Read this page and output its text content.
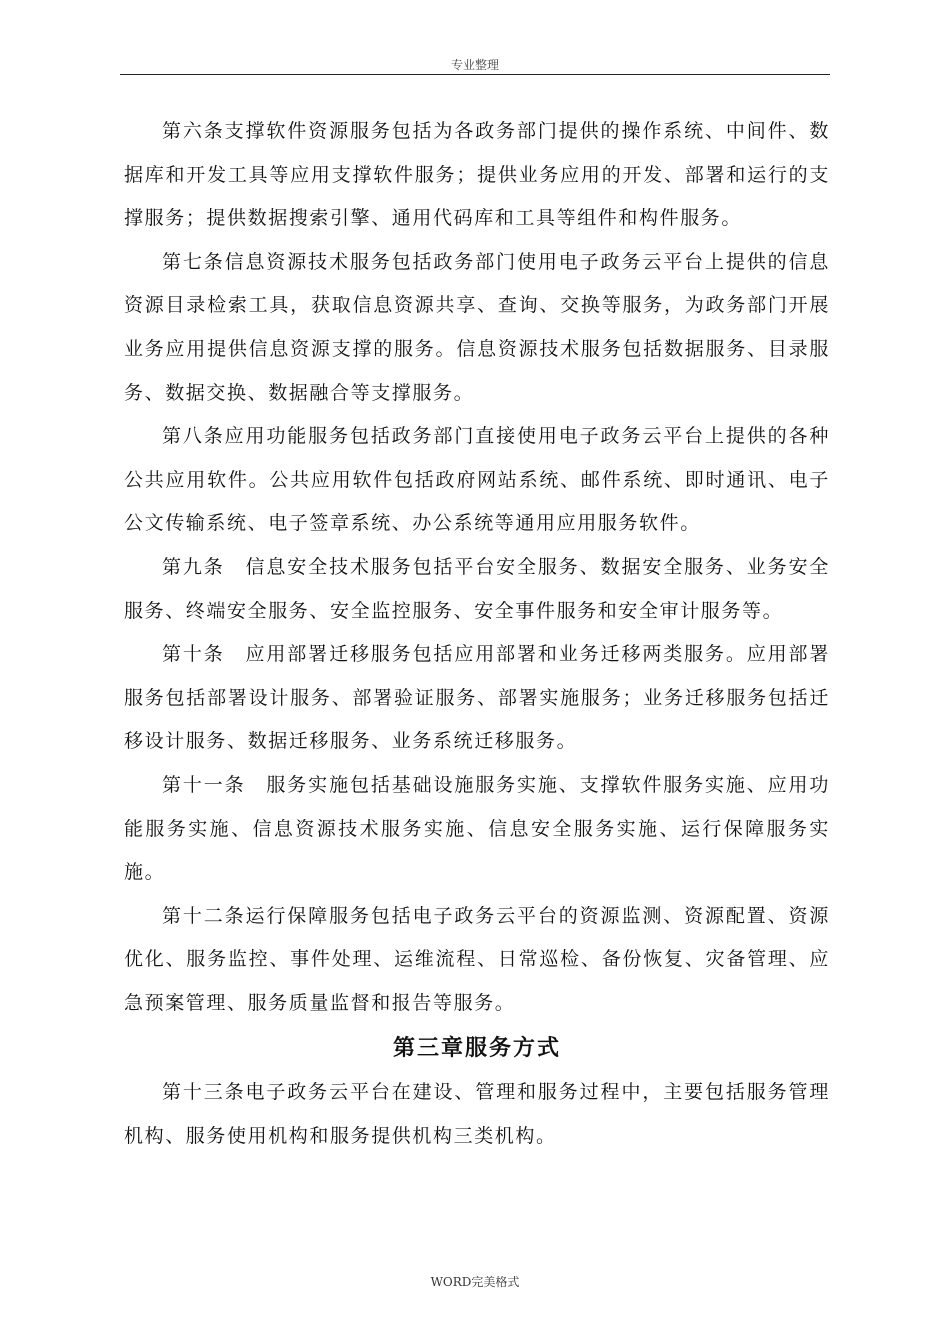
专业整理

第六条支撑软件资源服务包括为各政务部门提供的操作系统、中间件、数据库和开发工具等应用支撑软件服务；提供业务应用的开发、部署和运行的支撑服务；提供数据搜索引擎、通用代码库和工具等组件和构件服务。

第七条信息资源技术服务包括政务部门使用电子政务云平台上提供的信息资源目录检索工具，获取信息资源共享、查询、交换等服务，为政务部门开展业务应用提供信息资源支撑的服务。信息资源技术服务包括数据服务、目录服务、数据交换、数据融合等支撑服务。

第八条应用功能服务包括政务部门直接使用电子政务云平台上提供的各种公共应用软件。公共应用软件包括政府网站系统、邮件系统、即时通讯、电子公文传输系统、电子签章系统、办公系统等通用应用服务软件。

第九条　信息安全技术服务包括平台安全服务、数据安全服务、业务安全服务、终端安全服务、安全监控服务、安全事件服务和安全审计服务等。

第十条　应用部署迁移服务包括应用部署和业务迁移两类服务。应用部署服务包括部署设计服务、部署验证服务、部署实施服务；业务迁移服务包括迁移设计服务、数据迁移服务、业务系统迁移服务。

第十一条　服务实施包括基础设施服务实施、支撑软件服务实施、应用功能服务实施、信息资源技术服务实施、信息安全服务实施、运行保障服务实施。

第十二条运行保障服务包括电子政务云平台的资源监测、资源配置、资源优化、服务监控、事件处理、运维流程、日常巡检、备份恢复、灾备管理、应急预案管理、服务质量监督和报告等服务。

第三章服务方式

第十三条电子政务云平台在建设、管理和服务过程中，主要包括服务管理机构、服务使用机构和服务提供机构三类机构。

WORD完美格式
